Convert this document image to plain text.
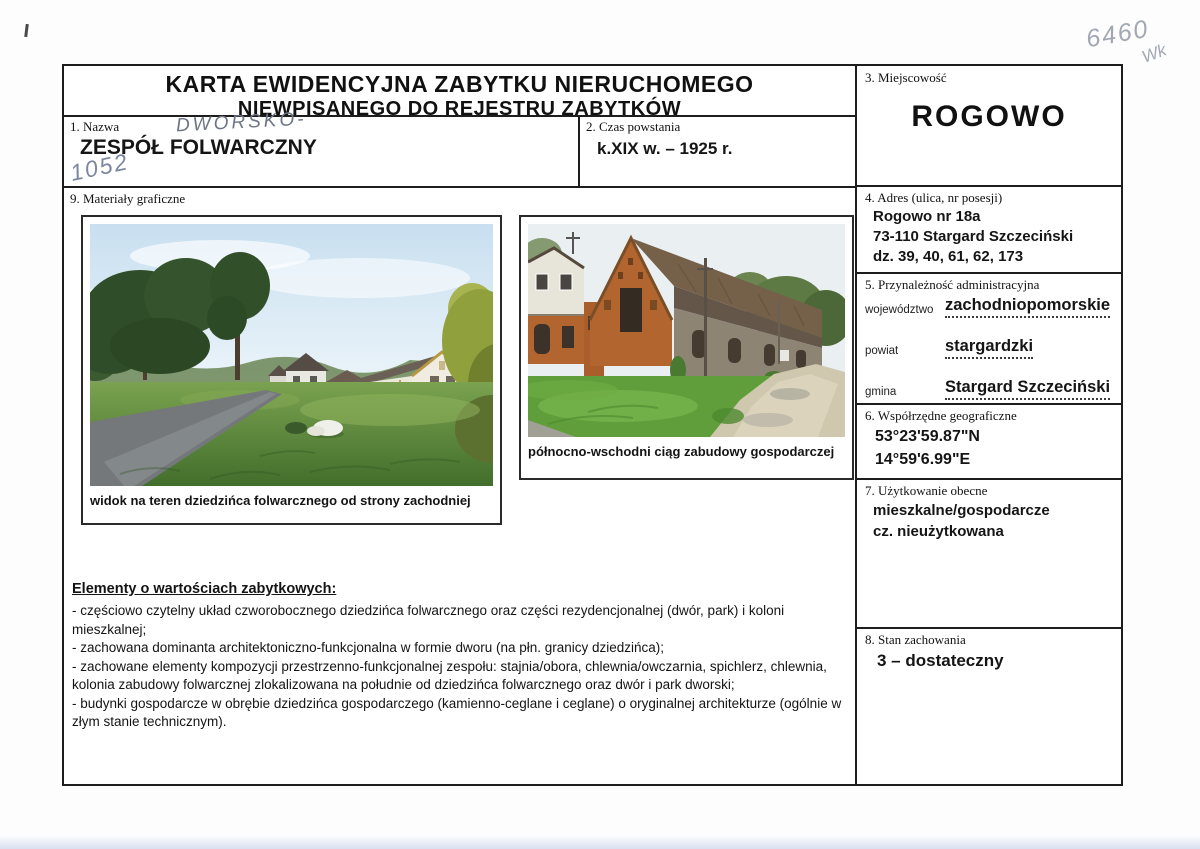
6460
Wk
KARTA EWIDENCYJNA ZABYTKU NIERUCHOMEGO
NIEWPISANEGO DO REJESTRU ZABYTKÓW
1. Nazwa
ZESPÓŁ FOLWARCZNY
2. Czas powstania
k.XIX w. – 1925 r.
3. Miejscowość
ROGOWO
4. Adres (ulica, nr posesji)
Rogowo nr 18a
73-110 Stargard Szczeciński
dz. 39, 40, 61, 62, 173
5. Przynależność administracyjna
województwo zachodniopomorskie
powiat	stargardzki
gmina	Stargard Szczeciński
6. Współrzędne geograficzne
53°23'59.87"N
14°59'6.99"E
7. Użytkowanie obecne
mieszkalne/gospodarcze
cz. nieużytkowana
8. Stan zachowania
3 – dostateczny
9. Materiały graficzne
widok na teren dziedzińca folwarcznego od strony zachodniej
północno-wschodni ciąg zabudowy gospodarczej
Elementy o wartościach zabytkowych:
- częściowo czytelny układ czworobocznego dziedzińca folwarcznego oraz części rezydencjonalnej (dwór, park) i koloni mieszkalnej;
- zachowana dominanta architektoniczno-funkcjonalna w formie dworu (na płn. granicy dziedzińca);
- zachowane elementy kompozycji przestrzenno-funkcjonalnej zespołu: stajnia/obora, chlewnia/owczarnia, spichlerz, chlewnia, kolonia zabudowy folwarcznej zlokalizowana na południe od dziedzińca folwarcznego oraz dwór i park dworski;
- budynki gospodarcze w obrębie dziedzińca gospodarczego (kamienno-ceglane i ceglane) o oryginalnej architekturze (ogólnie w złym stanie technicznym).
DWORSKO-
1052
